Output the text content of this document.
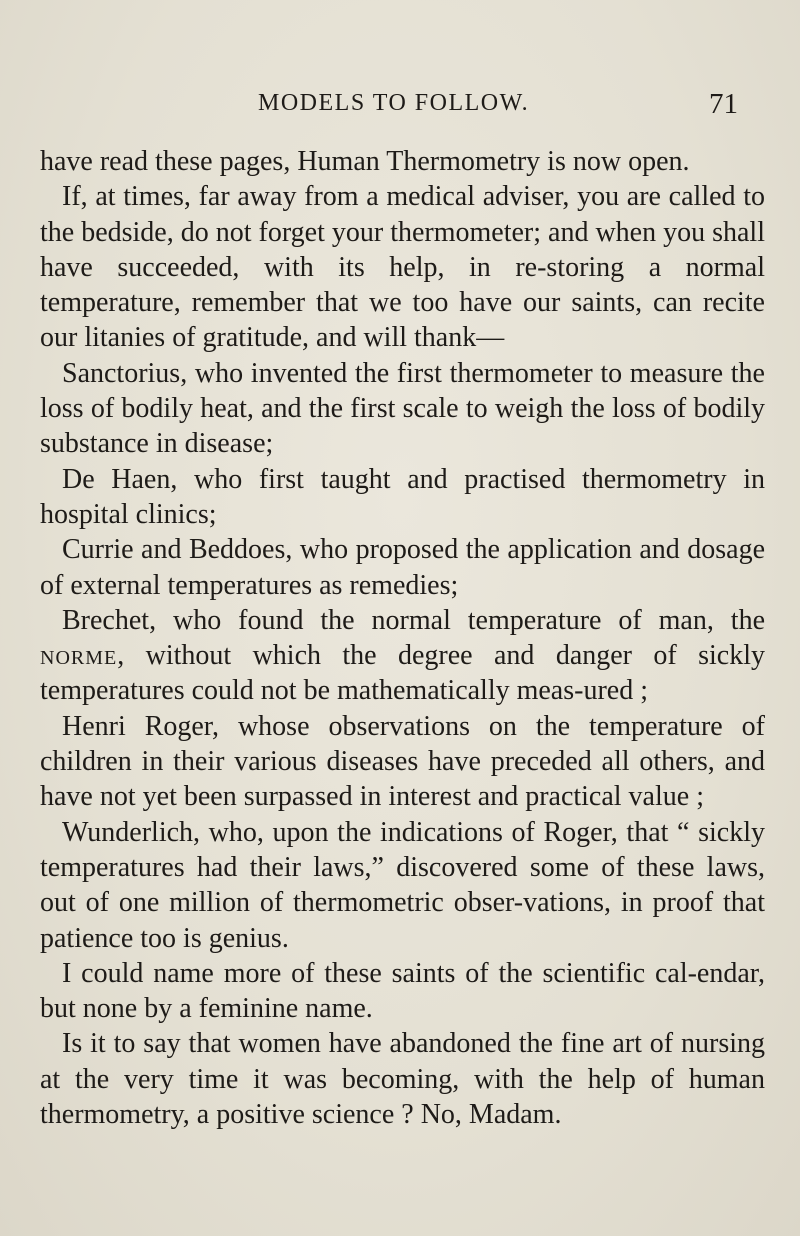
MODELS TO FOLLOW.	71

have read these pages, Human Thermometry is now open.

If, at times, far away from a medical adviser, you are called to the bedside, do not forget your thermometer; and when you shall have succeeded, with its help, in re-storing a normal temperature, remember that we too have our saints, can recite our litanies of gratitude, and will thank—

Sanctorius, who invented the first thermometer to measure the loss of bodily heat, and the first scale to weigh the loss of bodily substance in disease;

De Haen, who first taught and practised thermometry in hospital clinics;

Currie and Beddoes, who proposed the application and dosage of external temperatures as remedies;

Brechet, who found the normal temperature of man, the norme, without which the degree and danger of sickly temperatures could not be mathematically meas-ured ;

Henri Roger, whose observations on the temperature of children in their various diseases have preceded all others, and have not yet been surpassed in interest and practical value ;

Wunderlich, who, upon the indications of Roger, that “ sickly temperatures had their laws,” discovered some of these laws, out of one million of thermometric obser-vations, in proof that patience too is genius.

I could name more of these saints of the scientific cal-endar, but none by a feminine name.

Is it to say that women have abandoned the fine art of nursing at the very time it was becoming, with the help of human thermometry, a positive science ? No, Madam.
